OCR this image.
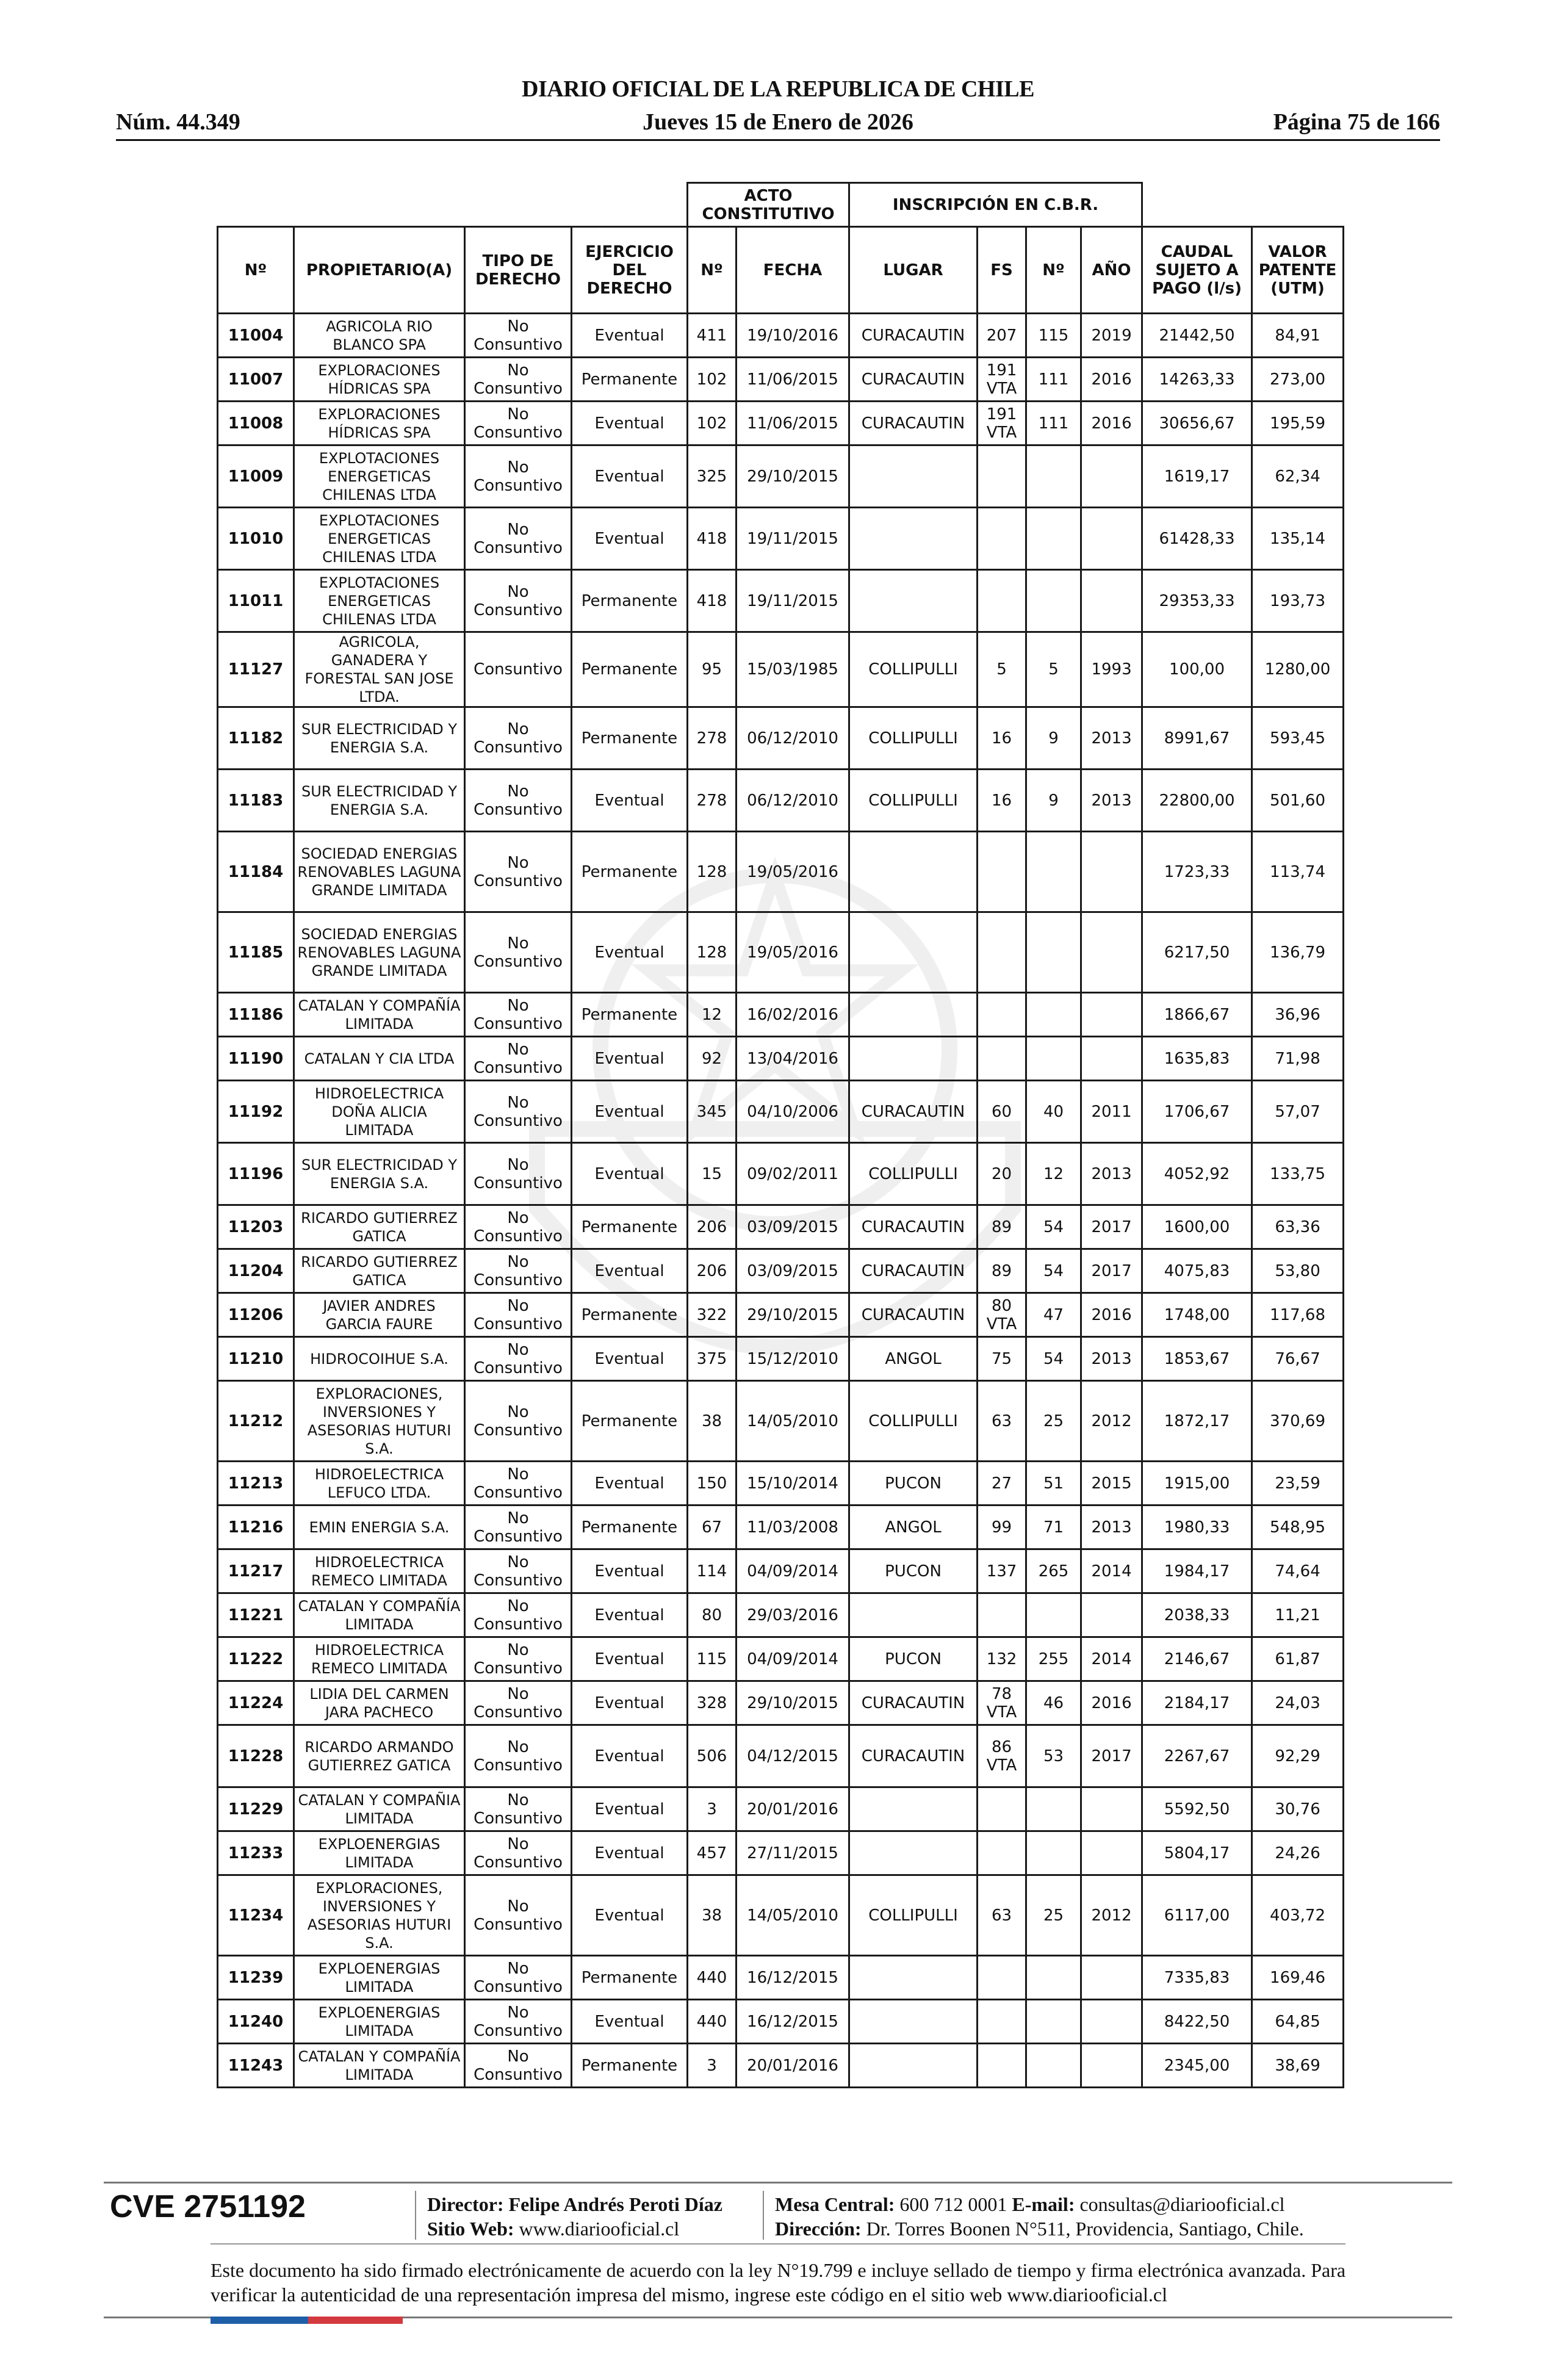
Núm. 44.349
DIARIO OFICIAL DE LA REPUBLICA DE CHILE
Jueves 15 de Enero de 2026	Página 75 de 166
				ACTO CONSTITUTIVO		INSCRIPCIÓN EN C.B.R.					
Nº	PROPIETARIO(A)	TIPO DE DERECHO	EJERCICIO DEL DERECHO	Nº	FECHA	LUGAR	FS	Nº	AÑO	CAUDAL SUJETO A PAGO (l/s)	VALOR PATENTE (UTM)
11004	AGRICOLA RIO BLANCO SPA	No Consuntivo	Eventual	411	19/10/2016	CURACAUTIN	207	115	2019	21442,50	84,91
11007	EXPLORACIONES HÍDRICAS SPA	No Consuntivo	Permanente	102	11/06/2015	CURACAUTIN	191 VTA	111	2016	14263,33	273,00
11008	EXPLORACIONES HÍDRICAS SPA	No Consuntivo	Eventual	102	11/06/2015	CURACAUTIN	191 VTA	111	2016	30656,67	195,59
11009	EXPLOTACIONES ENERGETICAS CHILENAS LTDA	No Consuntivo	Eventual	325	29/10/2015					1619,17	62,34
11010	EXPLOTACIONES ENERGETICAS CHILENAS LTDA	No Consuntivo	Eventual	418	19/11/2015					61428,33	135,14
11011	EXPLOTACIONES ENERGETICAS CHILENAS LTDA	No Consuntivo	Permanente	418	19/11/2015					29353,33	193,73
11127	AGRICOLA, GANADERA Y FORESTAL SAN JOSE LTDA.	Consuntivo	Permanente	95	15/03/1985	COLLIPULLI	5	5	1993	100,00	1280,00
11182	SUR ELECTRICIDAD Y ENERGIA S.A.	No Consuntivo	Permanente	278	06/12/2010	COLLIPULLI	16	9	2013	8991,67	593,45
11183	SUR ELECTRICIDAD Y ENERGIA S.A.	No Consuntivo	Eventual	278	06/12/2010	COLLIPULLI	16	9	2013	22800,00	501,60
11184	SOCIEDAD ENERGIAS RENOVABLES LAGUNA GRANDE LIMITADA	No Consuntivo	Permanente	128	19/05/2016					1723,33	113,74
11185	SOCIEDAD ENERGIAS RENOVABLES LAGUNA GRANDE LIMITADA	No Consuntivo	Eventual	128	19/05/2016					6217,50	136,79
11186	CATALAN Y COMPAÑÍA LIMITADA	No Consuntivo	Permanente	12	16/02/2016					1866,67	36,96
11190	CATALAN Y CIA LTDA	No Consuntivo	Eventual	92	13/04/2016					1635,83	71,98
11192	HIDROELECTRICA DOÑA ALICIA LIMITADA	No Consuntivo	Eventual	345	04/10/2006	CURACAUTIN	60	40	2011	1706,67	57,07
11196	SUR ELECTRICIDAD Y ENERGIA S.A.	No Consuntivo	Eventual	15	09/02/2011	COLLIPULLI	20	12	2013	4052,92	133,75
11203	RICARDO GUTIERREZ GATICA	No Consuntivo	Permanente	206	03/09/2015	CURACAUTIN	89	54	2017	1600,00	63,36
11204	RICARDO GUTIERREZ GATICA	No Consuntivo	Eventual	206	03/09/2015	CURACAUTIN	89	54	2017	4075,83	53,80
11206	JAVIER ANDRES GARCIA FAURE	No Consuntivo	Permanente	322	29/10/2015	CURACAUTIN	80 VTA	47	2016	1748,00	117,68
11210	HIDROCOIHUE S.A.	No Consuntivo	Eventual	375	15/12/2010	ANGOL	75	54	2013	1853,67	76,67
11212	EXPLORACIONES, INVERSIONES Y ASESORIAS HUTURI S.A.	No Consuntivo	Permanente	38	14/05/2010	COLLIPULLI	63	25	2012	1872,17	370,69
11213	HIDROELECTRICA LEFUCO LTDA.	No Consuntivo	Eventual	150	15/10/2014	PUCON	27	51	2015	1915,00	23,59
11216	EMIN ENERGIA S.A.	No Consuntivo	Permanente	67	11/03/2008	ANGOL	99	71	2013	1980,33	548,95
11217	HIDROELECTRICA REMECO LIMITADA	No Consuntivo	Eventual	114	04/09/2014	PUCON	137	265	2014	1984,17	74,64
11221	CATALAN Y COMPAÑÍA LIMITADA	No Consuntivo	Eventual	80	29/03/2016					2038,33	11,21
11222	HIDROELECTRICA REMECO LIMITADA	No Consuntivo	Eventual	115	04/09/2014	PUCON	132	255	2014	2146,67	61,87
11224	LIDIA DEL CARMEN JARA PACHECO	No Consuntivo	Eventual	328	29/10/2015	CURACAUTIN	78 VTA	46	2016	2184,17	24,03
11228	RICARDO ARMANDO GUTIERREZ GATICA	No Consuntivo	Eventual	506	04/12/2015	CURACAUTIN	86 VTA	53	2017	2267,67	92,29
11229	CATALAN Y COMPAÑIA LIMITADA	No Consuntivo	Eventual	3	20/01/2016					5592,50	30,76
11233	EXPLOENERGIAS LIMITADA	No Consuntivo	Eventual	457	27/11/2015					5804,17	24,26
11234	EXPLORACIONES, INVERSIONES Y ASESORIAS HUTURI S.A.	No Consuntivo	Eventual	38	14/05/2010	COLLIPULLI	63	25	2012	6117,00	403,72
11239	EXPLOENERGIAS LIMITADA	No Consuntivo	Permanente	440	16/12/2015					7335,83	169,46
11240	EXPLOENERGIAS LIMITADA	No Consuntivo	Eventual	440	16/12/2015					8422,50	64,85
11243	CATALAN Y COMPAÑÍA LIMITADA	No Consuntivo	Permanente	3	20/01/2016					2345,00	38,69
CVE 2751192	Director: Felipe Andrés Peroti Díaz
Sitio Web: www.diariooficial.cl
Mesa Central: 600 712 0001 E-mail: consultas@diariooficial.cl
Dirección: Dr. Torres Boonen N°511, Providencia, Santiago, Chile.
Este documento ha sido firmado electrónicamente de acuerdo con la ley N°19.799 e incluye sellado de tiempo y firma electrónica avanzada. Para verificar la autenticidad de una representación impresa del mismo, ingrese este código en el sitio web www.diariooficial.cl
